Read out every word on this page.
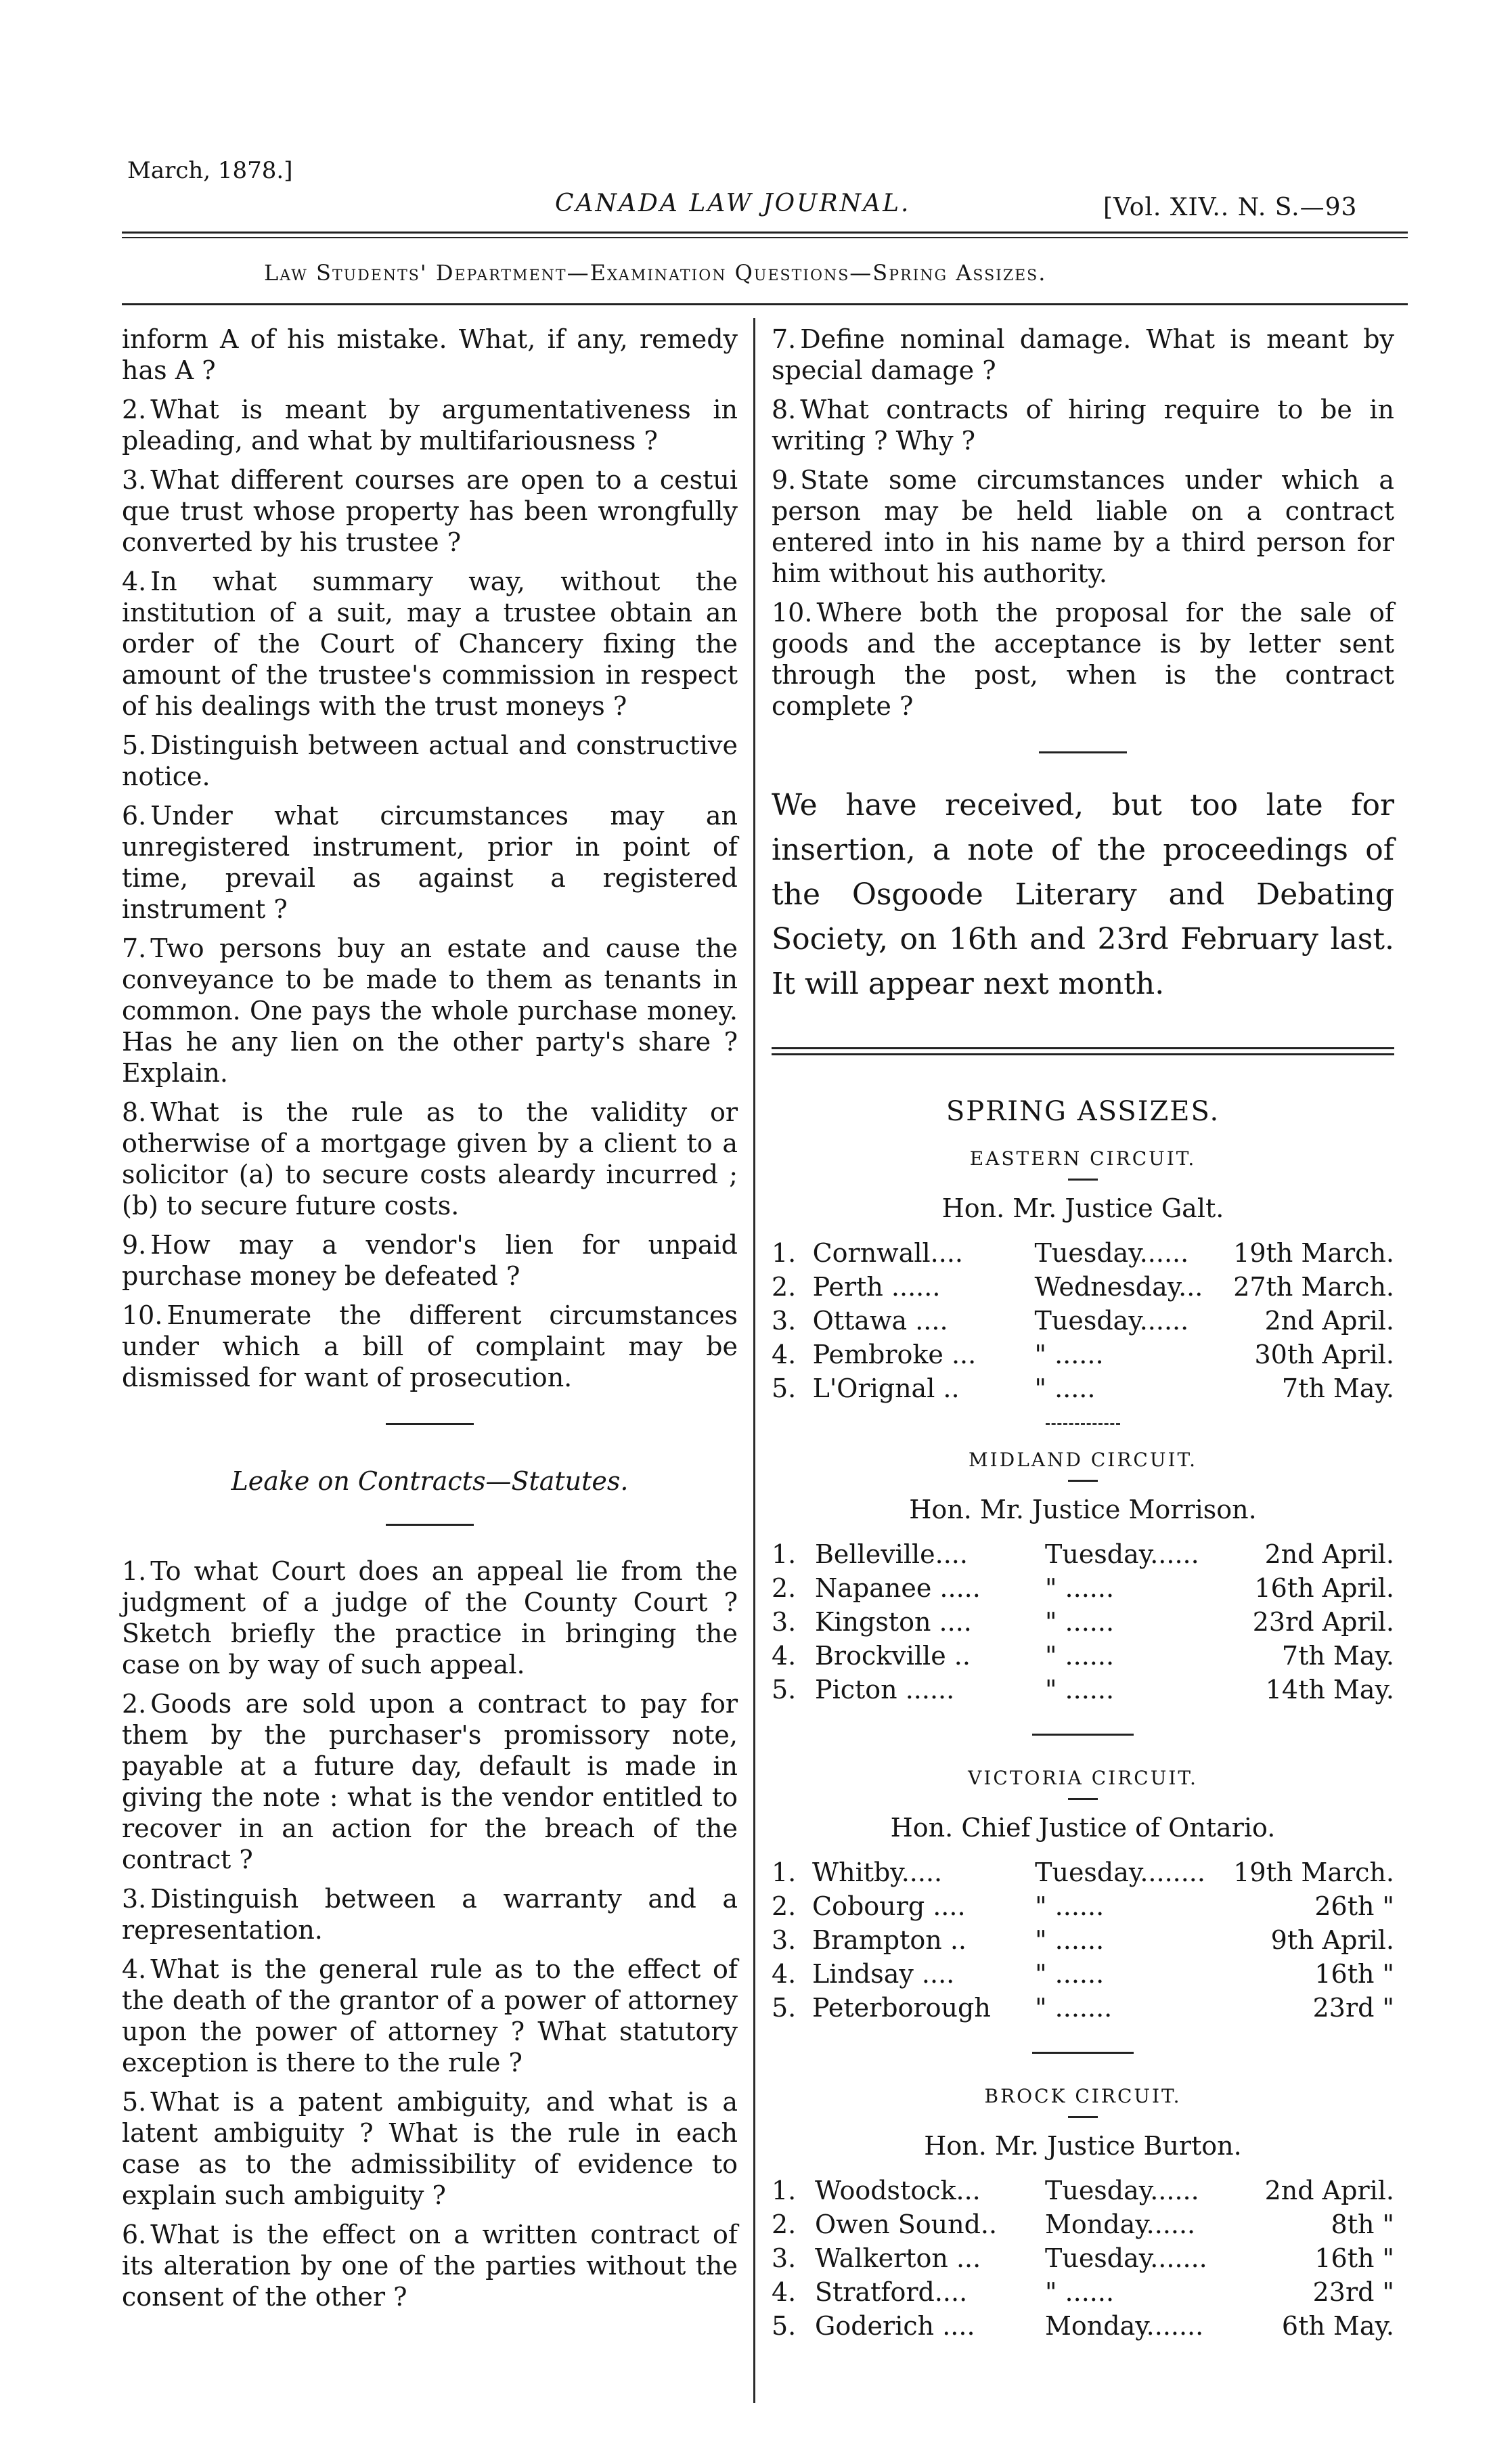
March, 1878.]
CANADA LAW JOURNAL.	[Vol. XIV.. N. S.—93
Law Students' Department—Examination Questions—Spring Assizes.

inform A of his mistake. What, if any, remedy has A ?

2. What is meant by argumentativeness in pleading, and what by multifariousness ?

3. What different courses are open to a cestui que trust whose property has been wrongfully converted by his trustee ?

4. In what summary way, without the institution of a suit, may a trustee obtain an order of the Court of Chancery fixing the amount of the trustee's commission in respect of his dealings with the trust moneys ?

5. Distinguish between actual and constructive notice.

6. Under what circumstances may an unregistered instrument, prior in point of time, prevail as against a registered instrument ?

7. Two persons buy an estate and cause the conveyance to be made to them as tenants in common. One pays the whole purchase money. Has he any lien on the other party's share ? Explain.

8. What is the rule as to the validity or otherwise of a mortgage given by a client to a solicitor (a) to secure costs aleardy incurred ; (b) to secure future costs.

9. How may a vendor's lien for unpaid purchase money be defeated ?

10. Enumerate the different circumstances under which a bill of complaint may be dismissed for want of prosecution.

Leake on Contracts—Statutes.

1. To what Court does an appeal lie from the judgment of a judge of the County Court ? Sketch briefly the practice in bringing the case on by way of such appeal.

2. Goods are sold upon a contract to pay for them by the purchaser's promissory note, payable at a future day, default is made in giving the note : what is the vendor entitled to recover in an action for the breach of the contract ?

3. Distinguish between a warranty and a representation.

4. What is the general rule as to the effect of the death of the grantor of a power of attorney upon the power of attorney ? What statutory exception is there to the rule ?

5. What is a patent ambiguity, and what is a latent ambiguity ? What is the rule in each case as to the admissibility of evidence to explain such ambiguity ?

6. What is the effect on a written contract of its alteration by one of the parties without the consent of the other ?

7. Define nominal damage. What is meant by special damage ?

8. What contracts of hiring require to be in writing ? Why ?

9. State some circumstances under which a person may be held liable on a contract entered into in his name by a third person for him without his authority.

10. Where both the proposal for the sale of goods and the acceptance is by letter sent through the post, when is the contract complete ?

We have received, but too late for insertion, a note of the proceedings of the Osgoode Literary and Debating Society, on 16th and 23rd February last. It will appear next month.

SPRING ASSIZES.
EASTERN CIRCUIT.
Hon. Mr. Justice Galt.
1.	Cornwall....	Tuesday......	19th March.
2.	Perth ......	Wednesday...	27th March.
3.	Ottawa ....	Tuesday......	2nd April.
4.	Pembroke ...	" ......	30th April.
5.	L'Orignal ..	" .....	7th May.
MIDLAND CIRCUIT.
Hon. Mr. Justice Morrison.
1.	Belleville....	Tuesday......	2nd April.
2.	Napanee .....	" ......	16th April.
3.	Kingston ....	" ......	23rd April.
4.	Brockville ..	" ......	7th May.
5.	Picton ......	" ......	14th May.
VICTORIA CIRCUIT.
Hon. Chief Justice of Ontario.
1.	Whitby.....	Tuesday........	19th March.
2.	Cobourg ....	" ......	26th "
3.	Brampton ..	" ......	9th April.
4.	Lindsay ....	" ......	16th "
5.	Peterborough	" .......	23rd "
BROCK CIRCUIT.
Hon. Mr. Justice Burton.
1.	Woodstock...	Tuesday......	2nd April.
2.	Owen Sound..	Monday......	8th "
3.	Walkerton ...	Tuesday.......	16th "
4.	Stratford....	" ......	23rd "
5.	Goderich ....	Monday.......	6th May.
